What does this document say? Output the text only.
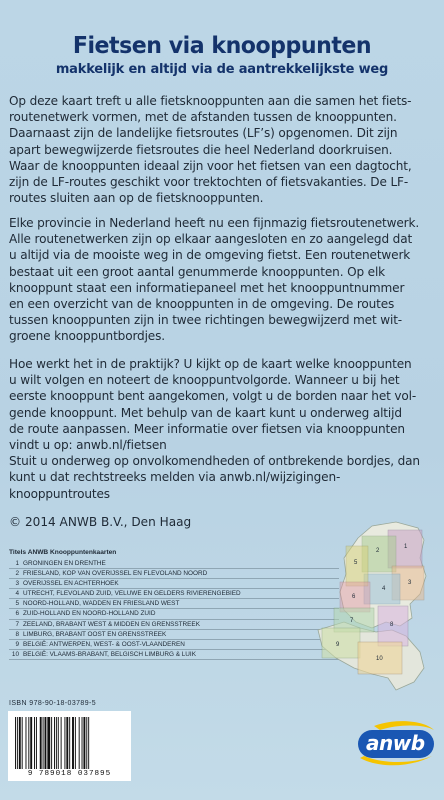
Fietsen via knooppunten
makkelijk en altijd via de aantrekkelijkste weg
Op deze kaart treft u alle fietsknooppunten aan die samen het fiets-
routenetwerk vormen, met de afstanden tussen de knooppunten.
Daarnaast zijn de landelijke fietsroutes (LF’s) opgenomen. Dit zijn
apart bewegwijzerde fietsroutes die heel Nederland doorkruisen.
Waar de knooppunten ideaal zijn voor het fietsen van een dagtocht,
zijn de LF-routes geschikt voor trektochten of fietsvakanties. De LF-
routes sluiten aan op de fietsknooppunten.
Elke provincie in Nederland heeft nu een fijnmazig fietsroutenetwerk.
Alle routenetwerken zijn op elkaar aangesloten en zo aangelegd dat
u altijd via de mooiste weg in de omgeving fietst. Een routenetwerk
bestaat uit een groot aantal genummerde knooppunten. Op elk
knooppunt staat een informatiepaneel met het knooppuntnummer
en een overzicht van de knooppunten in de omgeving. De routes
tussen knooppunten zijn in twee richtingen bewegwijzerd met wit-
groene knooppuntbordjes.
Hoe werkt het in de praktijk? U kijkt op de kaart welke knooppunten
u wilt volgen en noteert de knooppuntvolgorde. Wanneer u bij het
eerste knooppunt bent aangekomen, volgt u de borden naar het vol-
gende knooppunt. Met behulp van de kaart kunt u onderweg altijd
de route aanpassen. Meer informatie over fietsen via knooppunten
vindt u op: anwb.nl/fietsen
Stuit u onderweg op onvolkomendheden of ontbrekende bordjes, dan
kunt u dat rechtstreeks melden via anwb.nl/wijzigingen-
knooppuntroutes
© 2014 ANWB B.V., Den Haag
Titels ANWB Knooppuntenkaarten
1 GRONINGEN EN DRENTHE
2 FRIESLAND, KOP VAN OVERIJSSEL EN FLEVOLAND NOORD
3 OVERIJSSEL EN ACHTERHOEK
4 UTRECHT, FLEVOLAND ZUID, VELUWE EN GELDERS RIVIERENGEBIED
5 NOORD-HOLLAND, WADDEN EN FRIESLAND WEST
6 ZUID-HOLLAND EN NOORD-HOLLAND ZUID
7 ZEELAND, BRABANT WEST & MIDDEN EN GRENSSTREEK
8 LIMBURG, BRABANT OOST EN GRENSSTREEK
9 BELGIË: ANTWERPEN, WEST- & OOST-VLAANDEREN
10 BELGIË: VLAAMS-BRABANT, BELGISCH LIMBURG & LUIK
1
2
3
4
5
6
7
8
9
10
ISBN 978-90-18-03789-5
9 789018 037895
anwb
